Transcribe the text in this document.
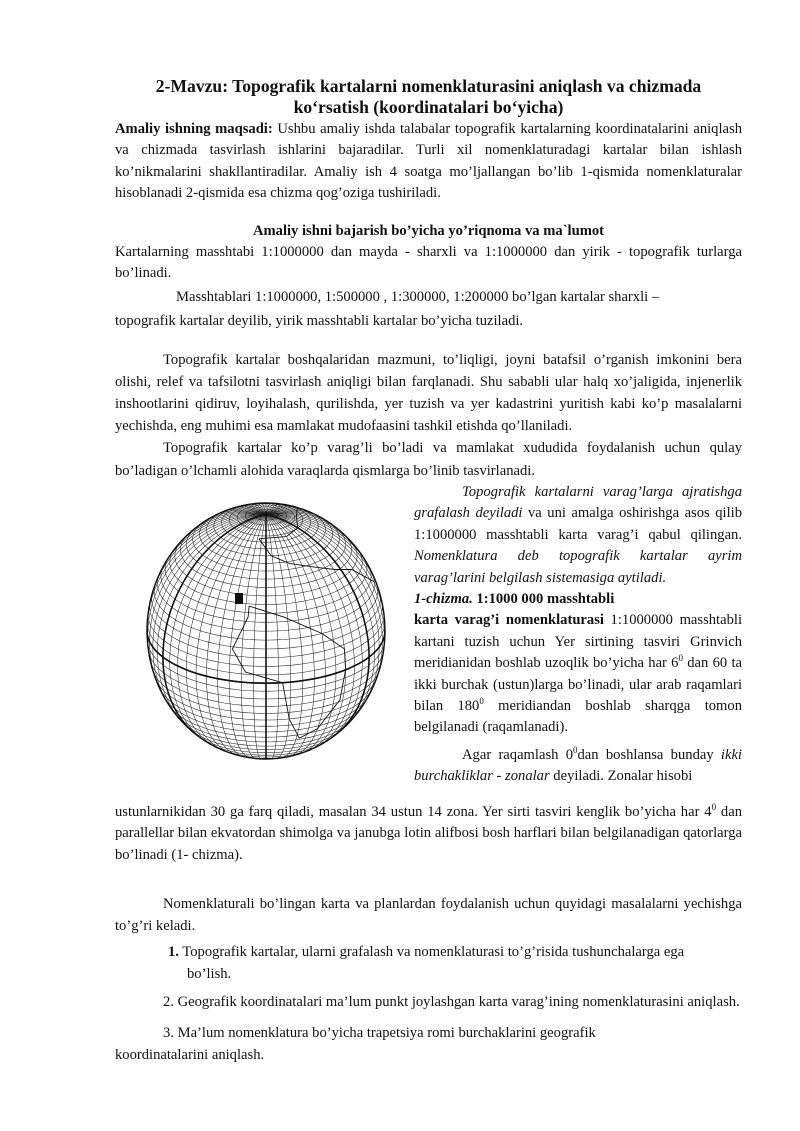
2-Mavzu: Topografik kartalarni nomenklaturasini aniqlash va chizmada
ko‘rsatish (koordinatalari bo‘yicha)

Amaliy ishning maqsadi: Ushbu amaliy ishda talabalar topografik kartalarning koordinatalarini aniqlash va chizmada tasvirlash ishlarini bajaradilar. Turli xil nomenklaturadagi kartalar bilan ishlash ko’nikmalarini shakllantiradilar. Amaliy ish 4 soatga mo’ljallangan bo’lib 1-qismida nomenklaturalar hisoblanadi 2-qismida esa chizma qog’oziga tushiriladi.

Amaliy ishni bajarish bo’yicha yo’riqnoma va ma`lumot

Kartalarning masshtabi 1:1000000 dan mayda - sharxli va 1:1000000 dan yirik - topografik turlarga bo’linadi.

Masshtablari 1:1000000, 1:500000 , 1:300000, 1:200000 bo’lgan kartalar sharxli –

topografik kartalar deyilib, yirik masshtabli kartalar bo’yicha tuziladi.

Topografik kartalar boshqalaridan mazmuni, to’liqligi, joyni batafsil o’rganish imkonini bera olishi, relef va tafsilotni tasvirlash aniqligi bilan farqlanadi. Shu sababli ular halq xo’jaligida, injenerlik inshootlarini qidiruv, loyihalash, qurilishda, yer tuzish va yer kadastrini yuritish kabi ko’p masalalarni yechishda, eng muhimi esa mamlakat mudofaasini tashkil etishda qo’llaniladi.

Topografik kartalar ko’p varag’li bo’ladi va mamlakat xududida foydalanish uchun qulay bo’ladigan o’lchamli alohida varaqlarda qismlarga bo’linib tasvirlanadi.

I

Topografik kartalarni varag’larga ajratishga grafalash deyiladi va uni amalga oshirishga asos qilib 1:1000000 masshtabli karta varag’i qabul qilingan. Nomenklatura deb topografik kartalar ayrim varag’larini belgilash sistemasiga aytiladi.

1-chizma. 1:1000 000 masshtabli

karta varag’i nomenklaturasi 1:1000000 masshtabli kartani tuzish uchun Yer sirtining tasviri Grinvich meridianidan boshlab uzoqlik bo’yicha har $6^0$ dan 60 ta ikki burchak (ustun)larga bo’linadi, ular arab raqamlari bilan $180^0$ meridiandan boshlab sharqga tomon belgilanadi (raqamlanadi).

Agar raqamlash $0^0dan$ boshlansa bunday ikki burchakliklar - zonalar deyiladi. Zonalar hisobi

ustunlarnikidan 30 ga farq qiladi, masalan 34 ustun 14 zona. Yer sirti tasviri kenglik bo’yicha har $4^0$ dan parallellar bilan ekvatordan shimolga va janubga lotin alifbosi bosh harflari bilan belgilanadigan qatorlarga bo’linadi (1- chizma).

Nomenklaturali bo’lingan karta va planlardan foydalanish uchun quyidagi masalalarni yechishga to’g’ri keladi.

1. Topografik kartalar, ularni grafalash va nomenklaturasi to’g’risida tushunchalarga ega

bo’lish.

2. Geografik koordinatalari ma’lum punkt joylashgan karta varag’ining nomenklaturasini aniqlash.

3. Ma’lum nomenklatura bo’yicha trapetsiya romi burchaklarini geografik

koordinatalarini aniqlash.
